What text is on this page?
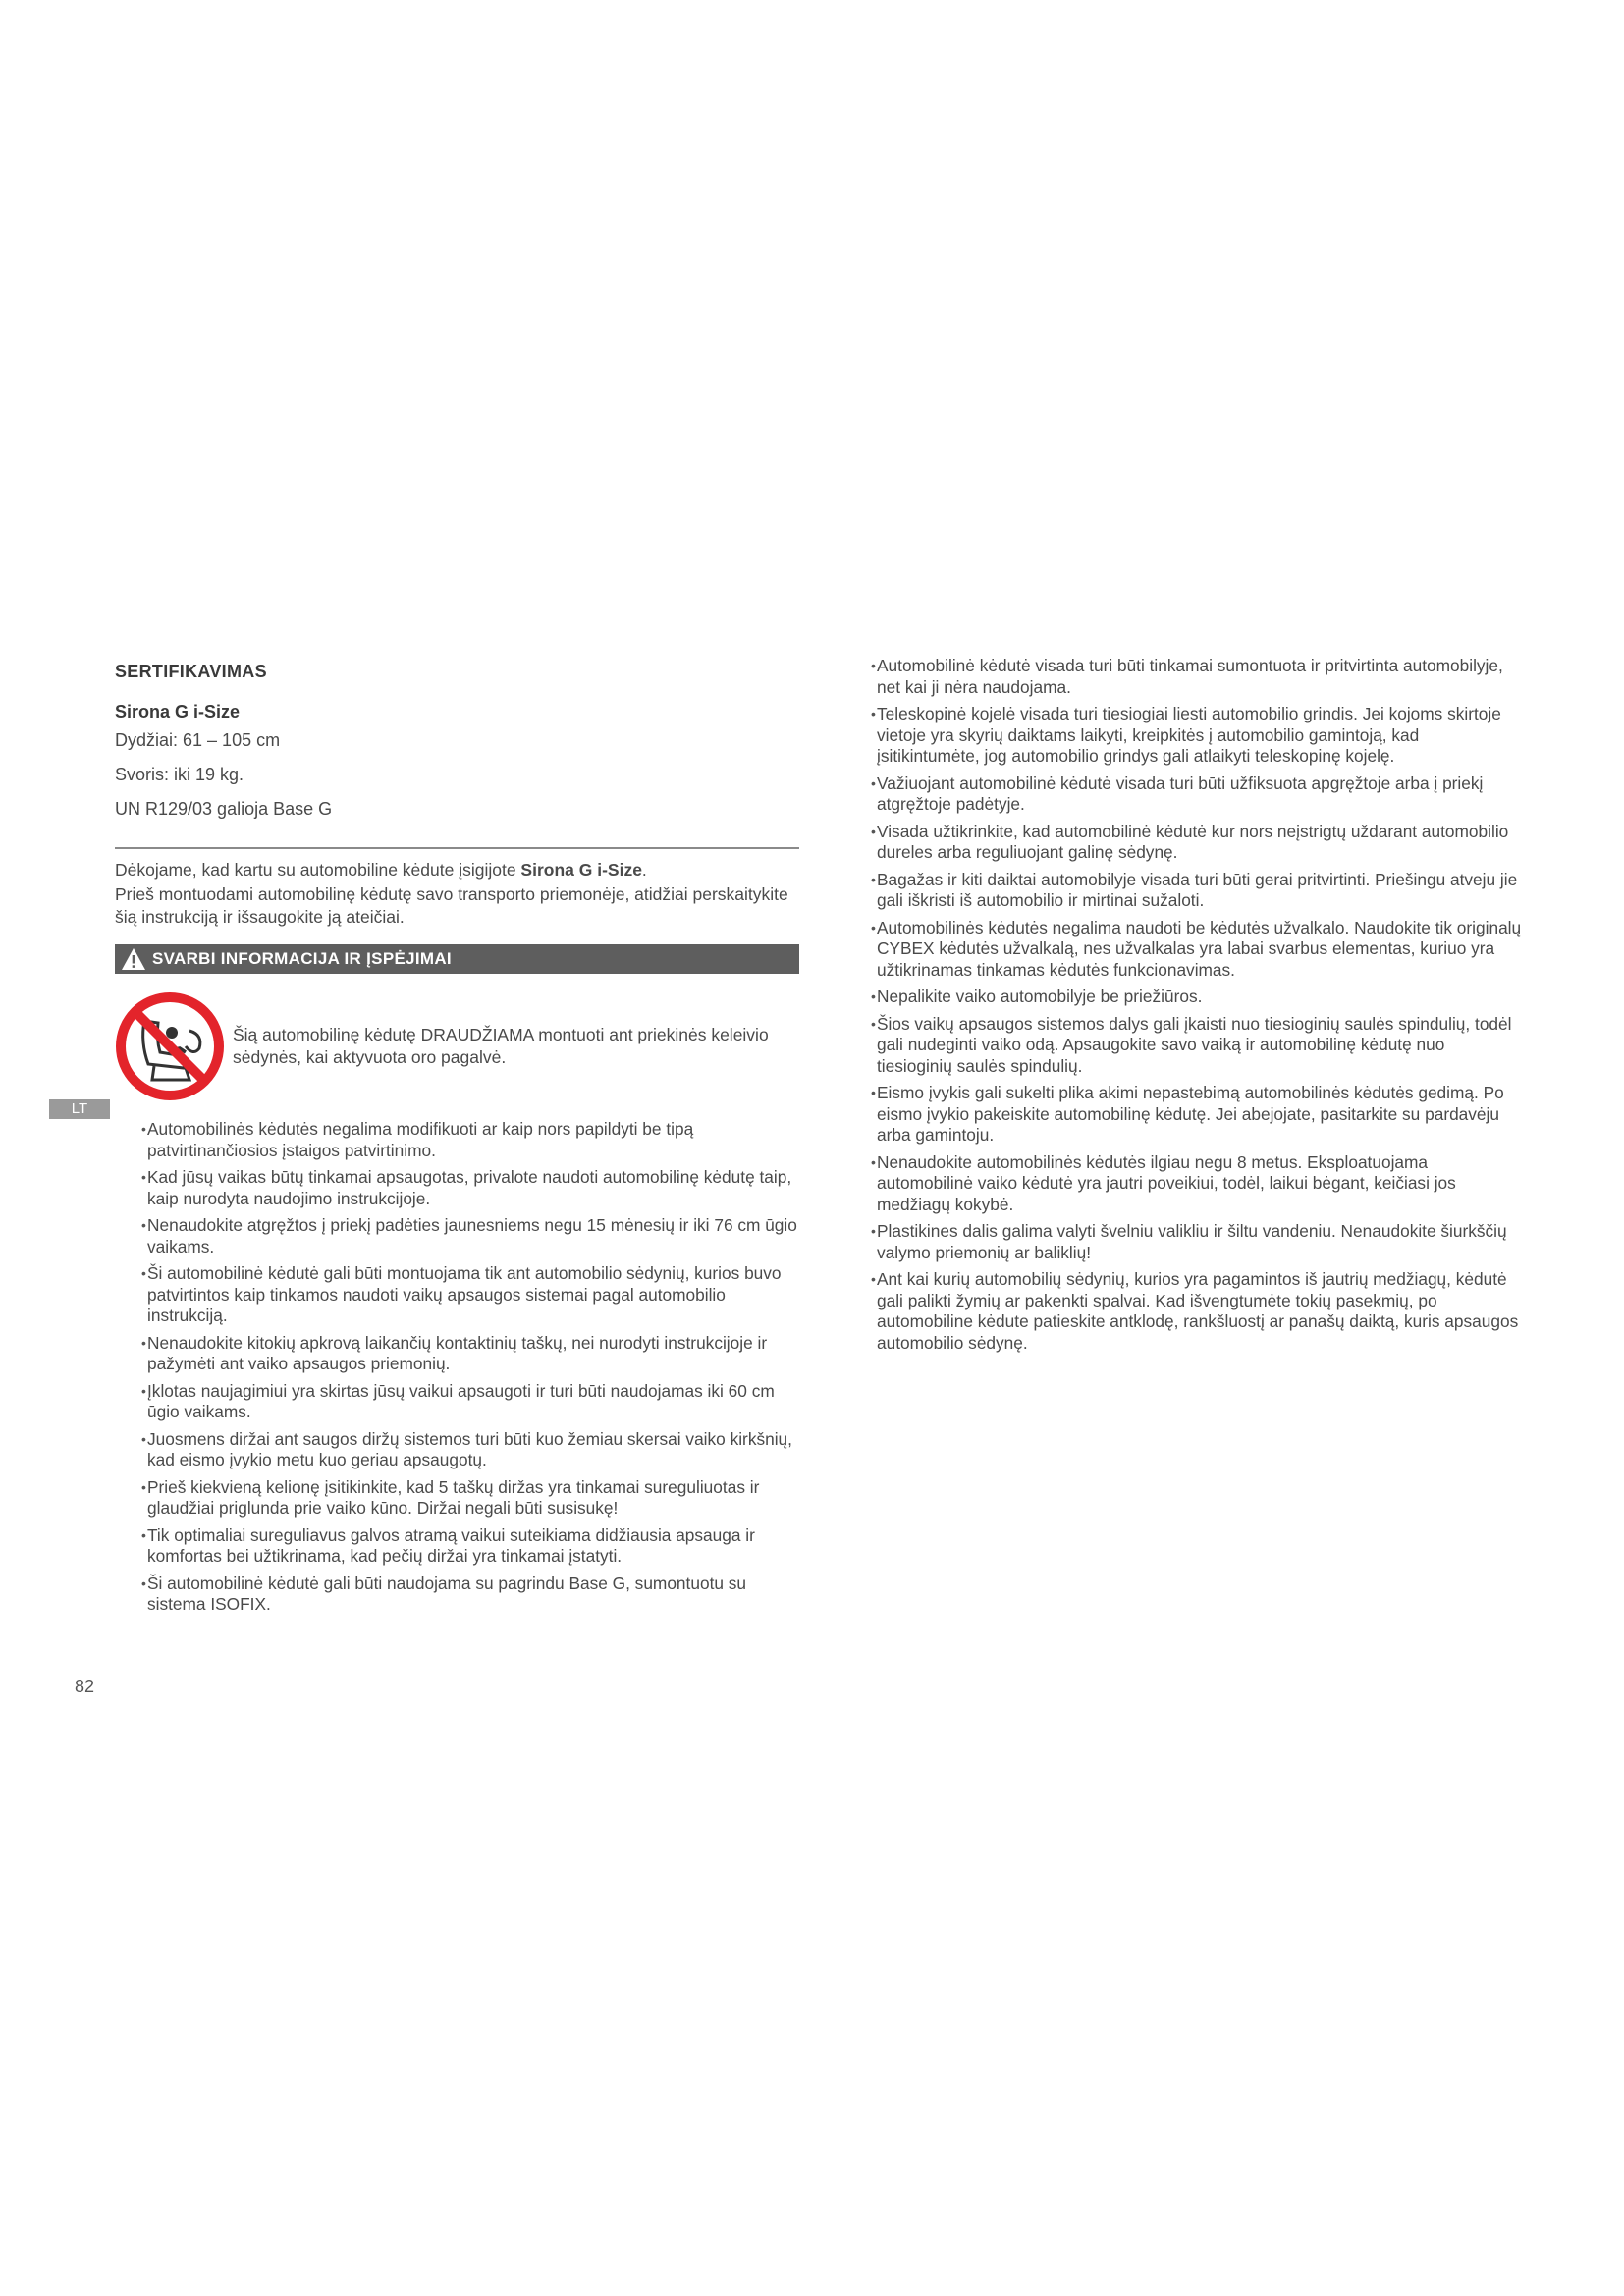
SERTIFIKAVIMAS
Sirona G i-Size
Dydžiai: 61 – 105 cm
Svoris: iki 19 kg.
UN R129/03 galioja Base G

Dėkojame, kad kartu su automobiline kėdute įsigijote Sirona G i-Size.

Prieš montuodami automobilinę kėdutę savo transporto priemonėje, atidžiai perskaitykite šią instrukciją ir išsaugokite ją ateičiai.

SVARBI INFORMACIJA IR ĮSPĖJIMAI
Šią automobilinę kėdutę DRAUDŽIAMA montuoti ant priekinės keleivio sėdynės, kai aktyvuota oro pagalvė.
• Automobilinės kėdutės negalima modifikuoti ar kaip nors papildyti be tipą patvirtinančiosios įstaigos patvirtinimo.
• Kad jūsų vaikas būtų tinkamai apsaugotas, privalote naudoti automobilinę kėdutę taip, kaip nurodyta naudojimo instrukcijoje.
• Nenaudokite atgręžtos į priekį padėties jaunesniems negu 15 mėnesių ir iki 76 cm ūgio vaikams.
• Ši automobilinė kėdutė gali būti montuojama tik ant automobilio sėdynių, kurios buvo patvirtintos kaip tinkamos naudoti vaikų apsaugos sistemai pagal automobilio instrukciją.
• Nenaudokite kitokių apkrovą laikančių kontaktinių taškų, nei nurodyti instrukcijoje ir pažymėti ant vaiko apsaugos priemonių.
• Įklotas naujagimiui yra skirtas jūsų vaikui apsaugoti ir turi būti naudojamas iki 60 cm ūgio vaikams.
• Juosmens diržai ant saugos diržų sistemos turi būti kuo žemiau skersai vaiko kirkšnių, kad eismo įvykio metu kuo geriau apsaugotų.
• Prieš kiekvieną kelionę įsitikinkite, kad 5 taškų diržas yra tinkamai sureguliuotas ir glaudžiai priglunda prie vaiko kūno. Diržai negali būti susisukę!
• Tik optimaliai sureguliavus galvos atramą vaikui suteikiama didžiausia apsauga ir komfortas bei užtikrinama, kad pečių diržai yra tinkamai įstatyti.
• Ši automobilinė kėdutė gali būti naudojama su pagrindu Base G, sumontuotu su sistema ISOFIX.
• Automobilinė kėdutė visada turi būti tinkamai sumontuota ir pritvirtinta automobilyje, net kai ji nėra naudojama.
• Teleskopinė kojelė visada turi tiesiogiai liesti automobilio grindis. Jei kojoms skirtoje vietoje yra skyrių daiktams laikyti, kreipkitės į automobilio gamintoją, kad įsitikintumėte, jog automobilio grindys gali atlaikyti teleskopinę kojelę.
• Važiuojant automobilinė kėdutė visada turi būti užfiksuota apgręžtoje arba į priekį atgręžtoje padėtyje.
• Visada užtikrinkite, kad automobilinė kėdutė kur nors neįstrigtų uždarant automobilio dureles arba reguliuojant galinę sėdynę.
• Bagažas ir kiti daiktai automobilyje visada turi būti gerai pritvirtinti. Priešingu atveju jie gali iškristi iš automobilio ir mirtinai sužaloti.
• Automobilinės kėdutės negalima naudoti be kėdutės užvalkalo. Naudokite tik originalų CYBEX kėdutės užvalkalą, nes užvalkalas yra labai svarbus elementas, kuriuo yra užtikrinamas tinkamas kėdutės funkcionavimas.
• Nepalikite vaiko automobilyje be priežiūros.
• Šios vaikų apsaugos sistemos dalys gali įkaisti nuo tiesioginių saulės spindulių, todėl gali nudeginti vaiko odą. Apsaugokite savo vaiką ir automobilinę kėdutę nuo tiesioginių saulės spindulių.
• Eismo įvykis gali sukelti plika akimi nepastebimą automobilinės kėdutės gedimą. Po eismo įvykio pakeiskite automobilinę kėdutę. Jei abejojate, pasitarkite su pardavėju arba gamintoju.
• Nenaudokite automobilinės kėdutės ilgiau negu 8 metus. Eksploatuojama automobilinė vaiko kėdutė yra jautri poveikiui, todėl, laikui bėgant, keičiasi jos medžiagų kokybė.
• Plastikines dalis galima valyti švelniu valikliu ir šiltu vandeniu. Nenaudokite šiurkščių valymo priemonių ar baliklių!
• Ant kai kurių automobilių sėdynių, kurios yra pagamintos iš jautrių medžiagų, kėdutė gali palikti žymių ar pakenkti spalvai. Kad išvengtumėte tokių pasekmių, po automobiline kėdute patieskite antklodę, rankšluostį ar panašų daiktą, kuris apsaugos automobilio sėdynę.
LT
82
